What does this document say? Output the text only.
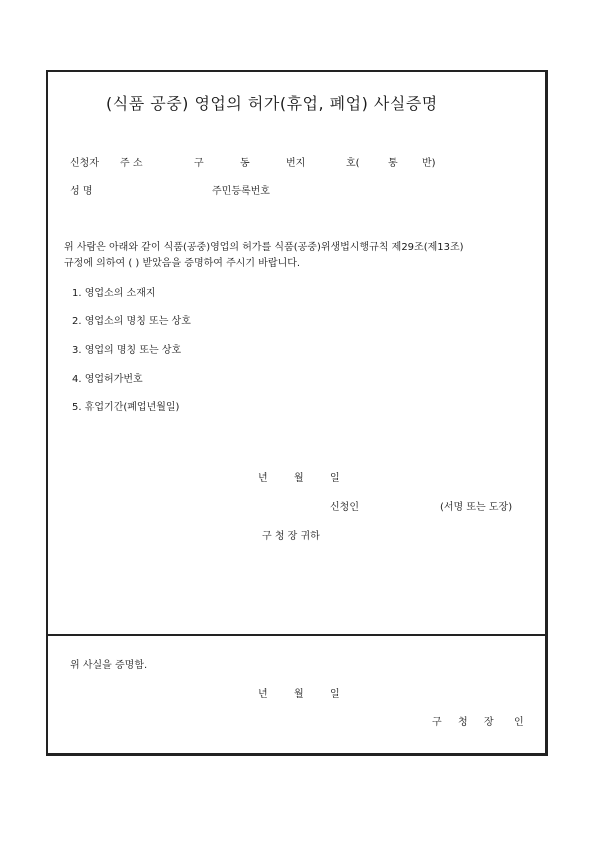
(식품 공중) 영업의 허가(휴업, 폐업) 사실증명
신청자 주 소	구	동	번지	호(	통 반)
성 명	주민등록번호
위 사람은 아래와 같이 식품(공중)영업의 허가를 식품(공중)위생법시행규칙 제29조(제13조)
규정에 의하여 ( ) 받았음을 증명하여 주시기 바랍니다.
1. 영업소의 소재지
2. 영업소의 명칭 또는 상호
3. 영업의 명칭 또는 상호
4. 영업허가번호
5. 휴업기간(폐업년월일)
년	월	일
신청인	(서명 또는 도장)
구 청 장 귀하
위 사실을 증명함.
년	월	일
구 청 장 인
